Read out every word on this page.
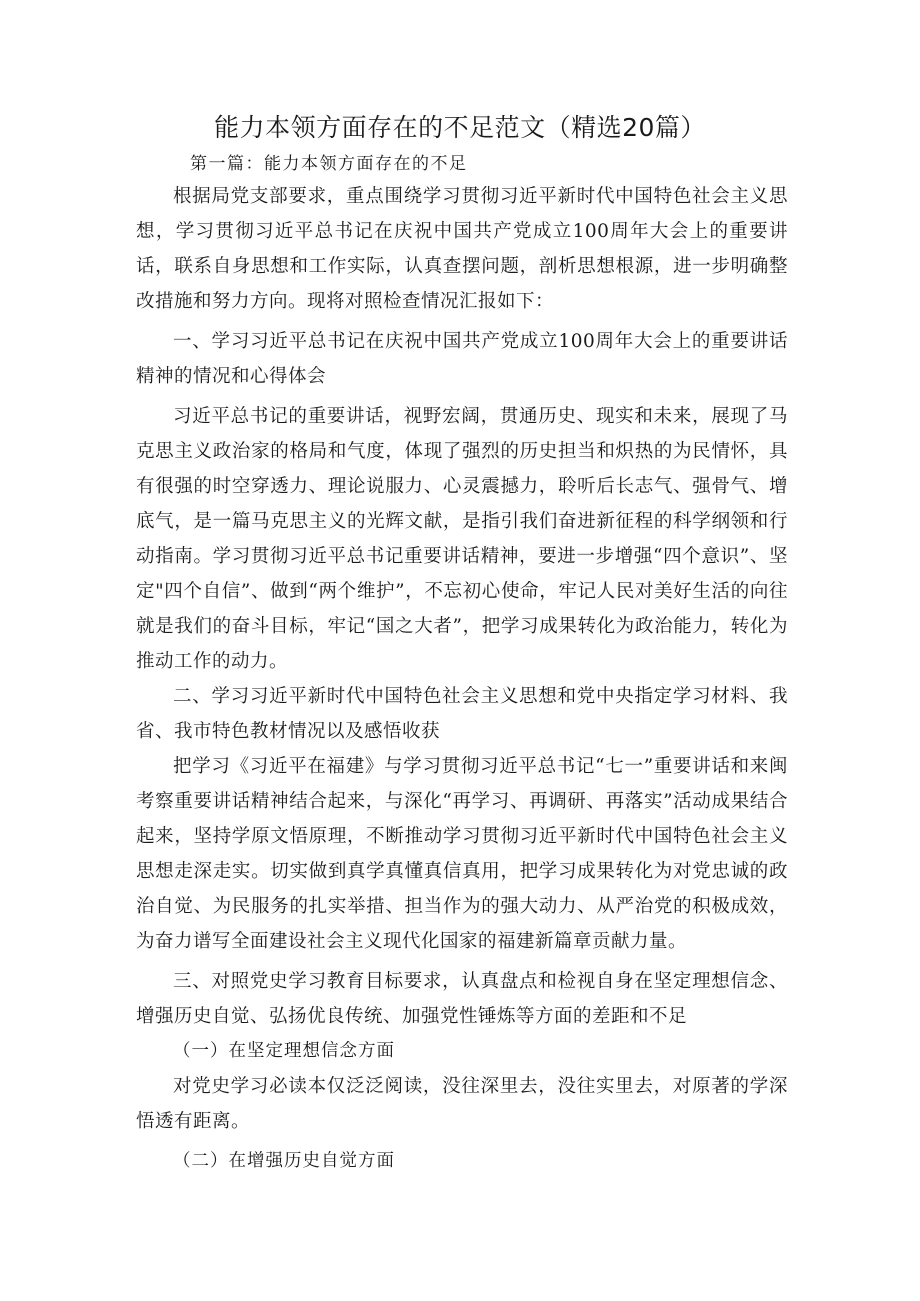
能力本领方面存在的不足范文（精选20篇）

第一篇：能力本领方面存在的不足

根据局党支部要求，重点围绕学习贯彻习近平新时代中国特色社会主义思想，学习贯彻习近平总书记在庆祝中国共产党成立100周年大会上的重要讲话，联系自身思想和工作实际，认真查摆问题，剖析思想根源，进一步明确整改措施和努力方向。现将对照检查情况汇报如下：

一、学习习近平总书记在庆祝中国共产党成立100周年大会上的重要讲话精神的情况和心得体会

习近平总书记的重要讲话，视野宏阔，贯通历史、现实和未来，展现了马克思主义政治家的格局和气度，体现了强烈的历史担当和炽热的为民情怀，具有很强的时空穿透力、理论说服力、心灵震撼力，聆听后长志气、强骨气、增底气，是一篇马克思主义的光辉文献，是指引我们奋进新征程的科学纲领和行动指南。学习贯彻习近平总书记重要讲话精神，要进一步增强“四个意识”、坚定"四个自信”、做到“两个维护”，不忘初心使命，牢记人民对美好生活的向往就是我们的奋斗目标，牢记“国之大者”，把学习成果转化为政治能力，转化为推动工作的动力。

二、学习习近平新时代中国特色社会主义思想和党中央指定学习材料、我省、我市特色教材情况以及感悟收获

把学习《习近平在福建》与学习贯彻习近平总书记“七一”重要讲话和来闽考察重要讲话精神结合起来，与深化“再学习、再调研、再落实”活动成果结合起来，坚持学原文悟原理，不断推动学习贯彻习近平新时代中国特色社会主义思想走深走实。切实做到真学真懂真信真用，把学习成果转化为对党忠诚的政治自觉、为民服务的扎实举措、担当作为的强大动力、从严治党的积极成效，为奋力谱写全面建设社会主义现代化国家的福建新篇章贡献力量。

三、对照党史学习教育目标要求，认真盘点和检视自身在坚定理想信念、增强历史自觉、弘扬优良传统、加强党性锤炼等方面的差距和不足

（一）在坚定理想信念方面

对党史学习必读本仅泛泛阅读，没往深里去，没往实里去，对原著的学深悟透有距离。

（二）在增强历史自觉方面
